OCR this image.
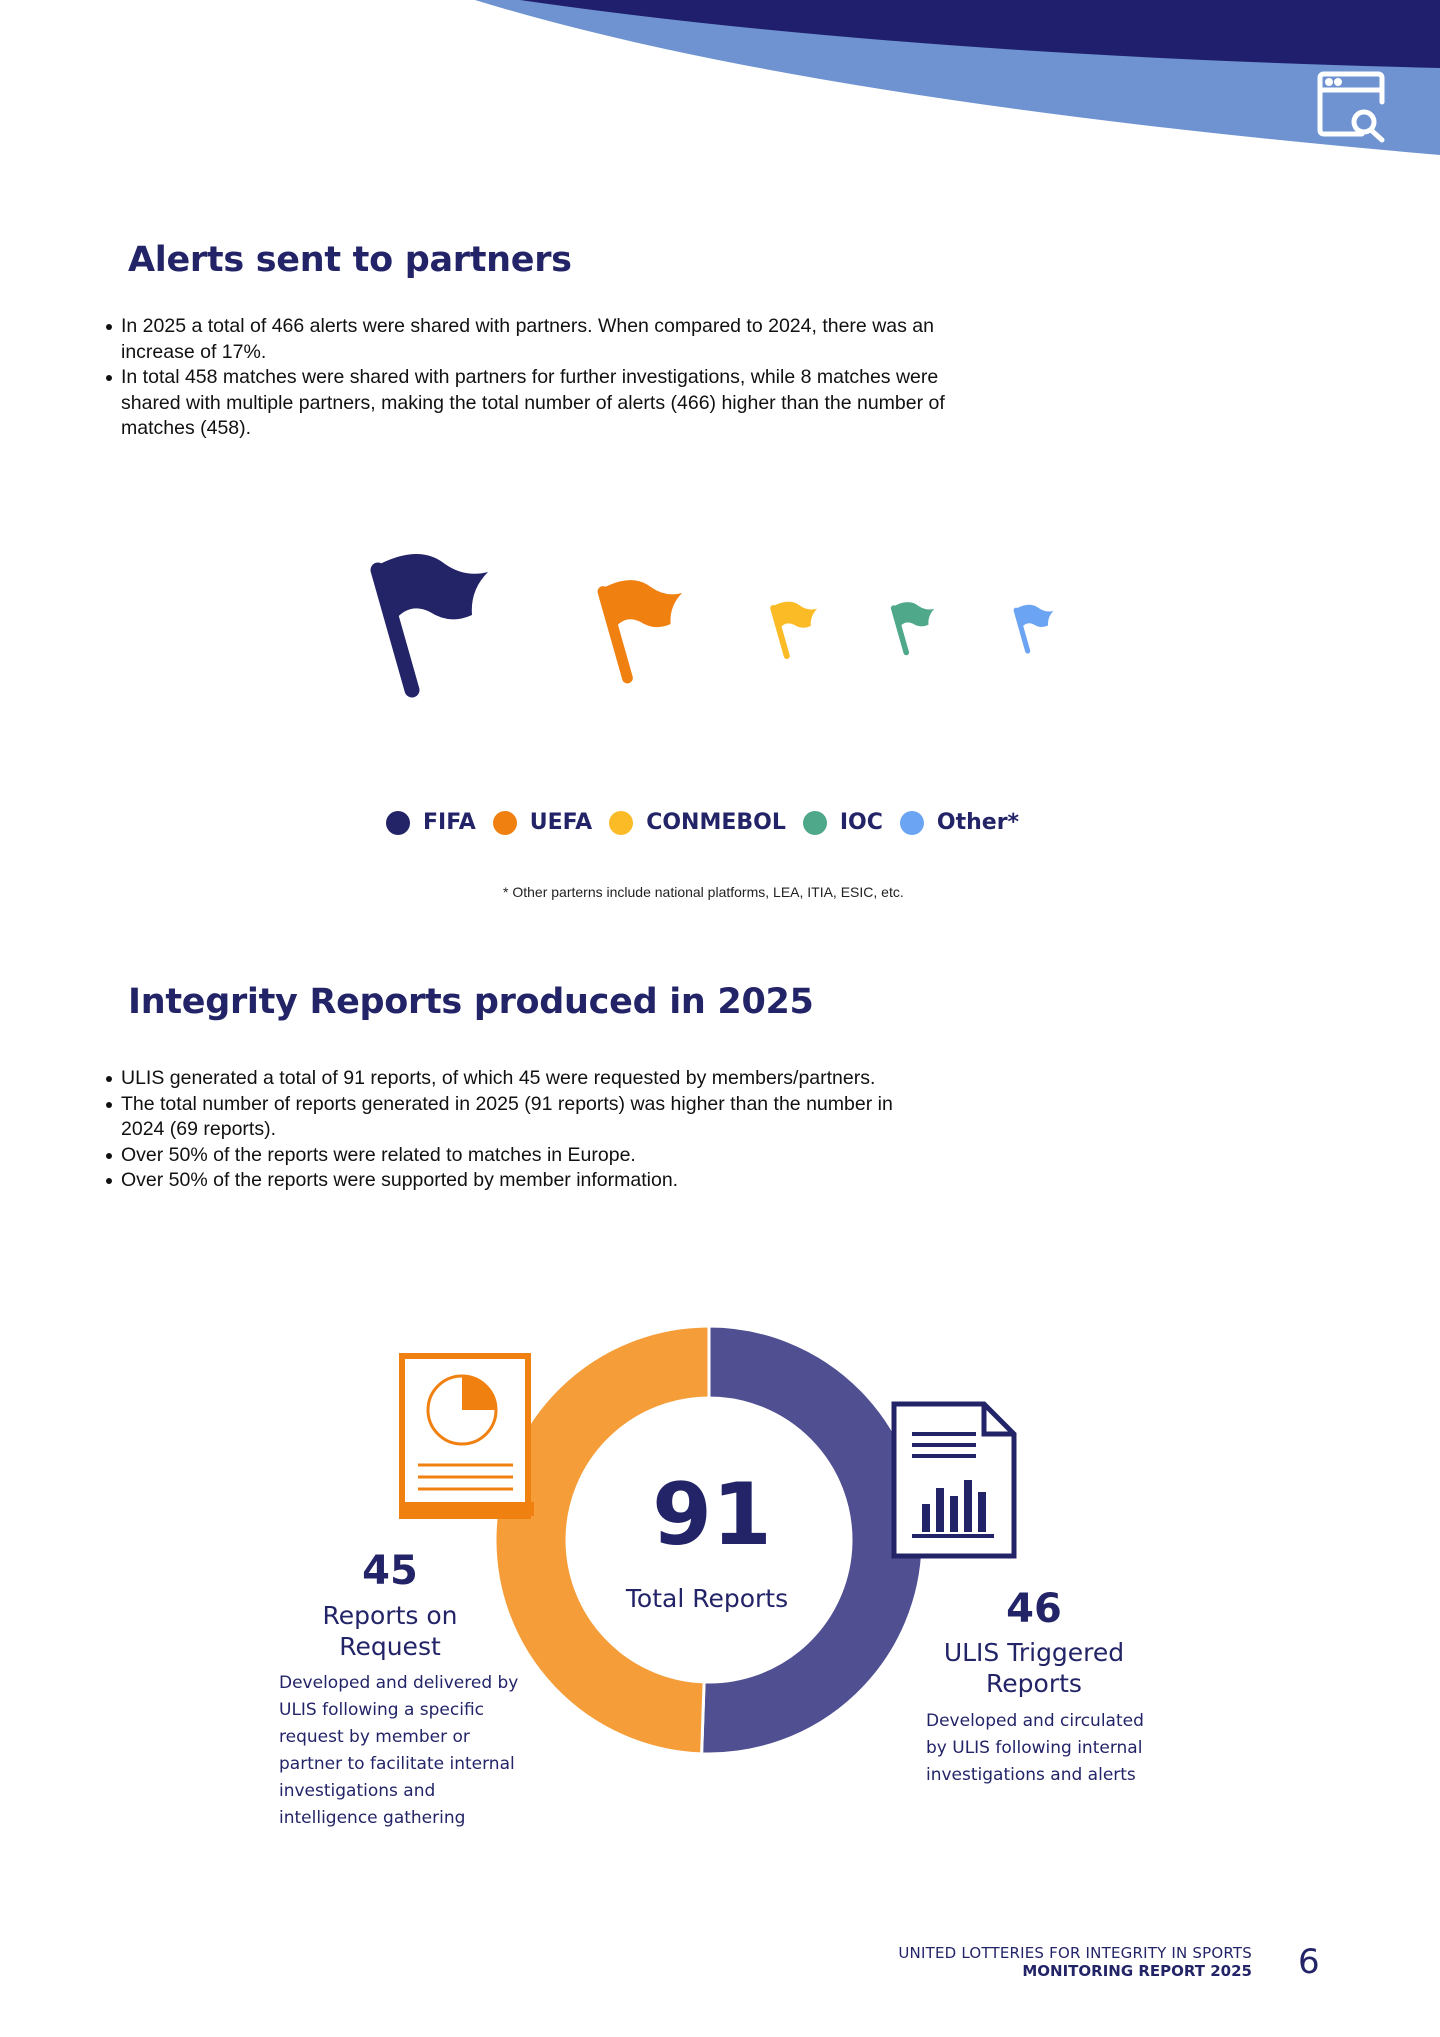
Alerts sent to partners
In 2025 a total of 466 alerts were shared with partners. When compared to 2024, there was an increase of 17%.
In total 458 matches were shared with partners for further investigations, while 8 matches were shared with multiple partners, making the total number of alerts (466) higher than the number of matches (458).
FIFA UEFA CONMEBOL IOC Other*
* Other parterns include national platforms, LEA, ITIA, ESIC, etc.
Integrity Reports produced in 2025
ULIS generated a total of 91 reports, of which 45 were requested by members/partners.
The total number of reports generated in 2025 (91 reports) was higher than the number in 2024 (69 reports).
Over 50% of the reports were related to matches in Europe.
Over 50% of the reports were supported by member information.
91
Total Reports
45
Reports on
Request
Developed and delivered by
ULIS following a specific
request by member or
partner to facilitate internal
investigations and
intelligence gathering
46
ULIS Triggered
Reports
Developed and circulated
by ULIS following internal
investigations and alerts
UNITED LOTTERIES FOR INTEGRITY IN SPORTS
MONITORING REPORT 2025 6
